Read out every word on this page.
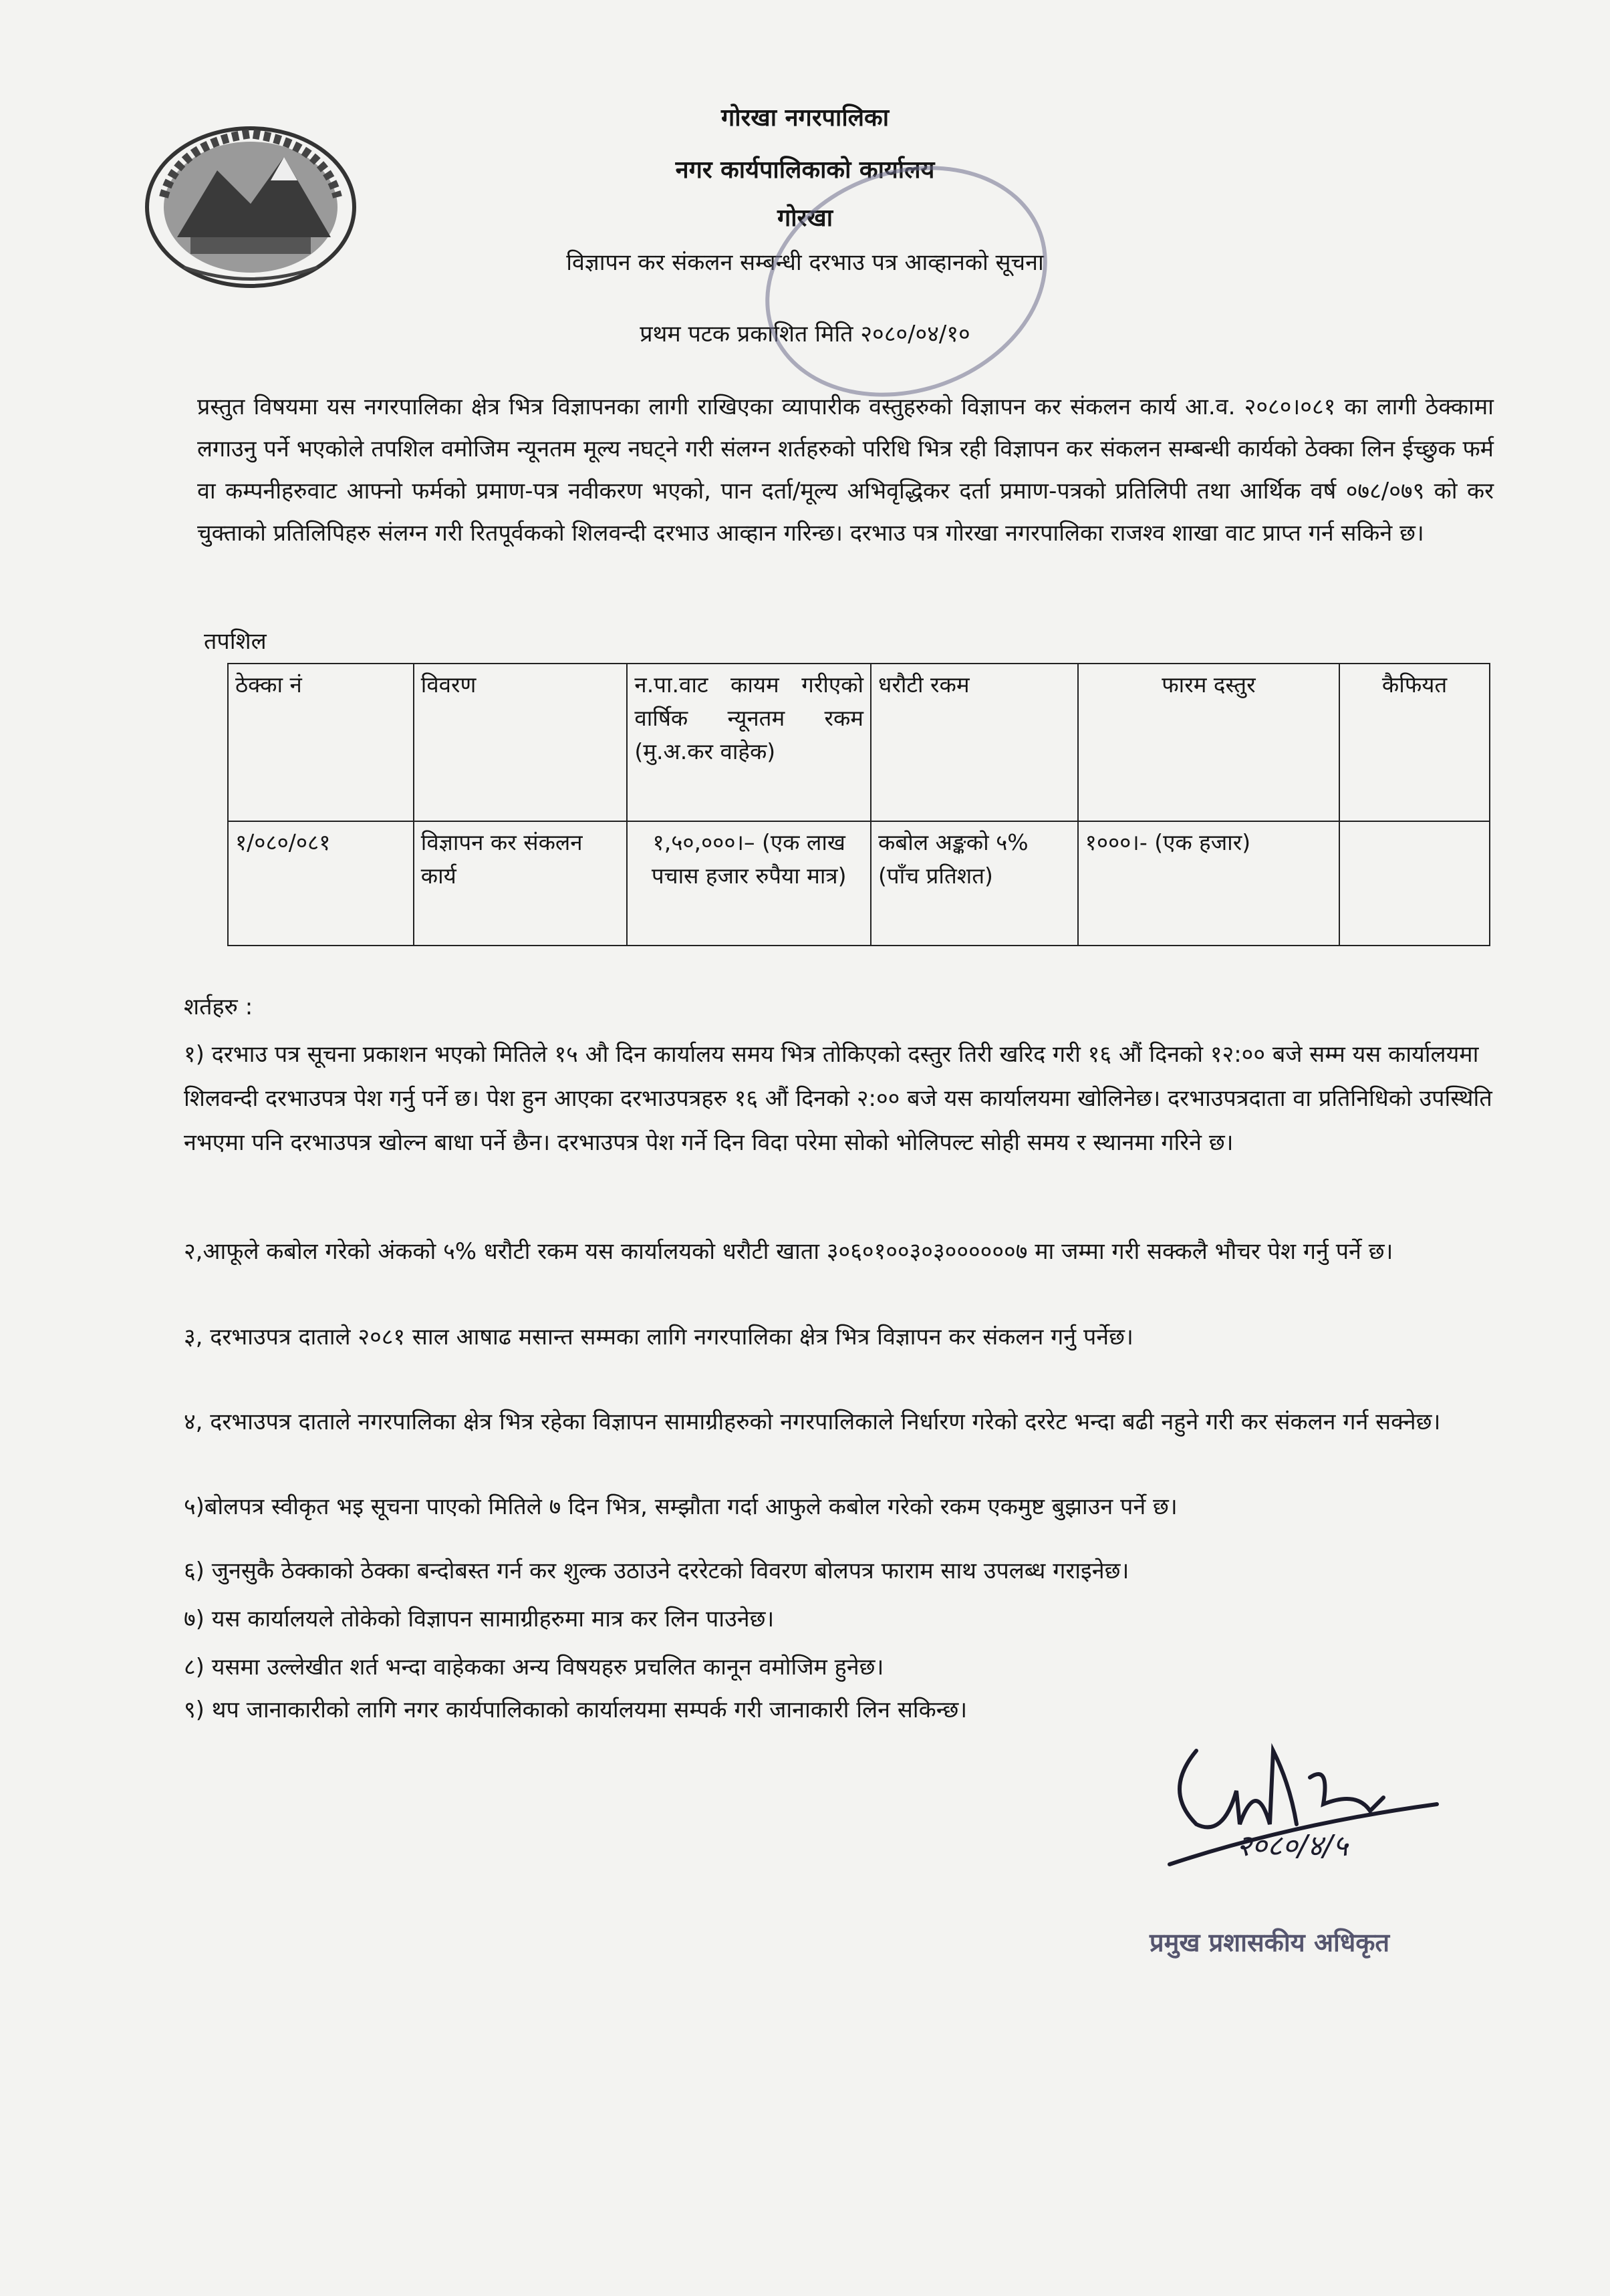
गोरखा नगरपालिका
नगर कार्यपालिकाको कार्यालय
गोरखा
विज्ञापन कर संकलन सम्बन्धी दरभाउ पत्र आव्हानको सूचना
प्रथम पटक प्रकाशित मिति २०८०/०४/१०
प्रस्तुत विषयमा यस नगरपालिका क्षेत्र भित्र विज्ञापनका लागी राखिएका व्यापारीक वस्तुहरुको विज्ञापन कर संकलन कार्य आ.व. २०८०।०८१ का लागी ठेक्कामा लगाउनु पर्ने भएकोले तपशिल वमोजिम न्यूनतम मूल्य नघट्ने गरी संलग्न शर्तहरुको परिधि भित्र रही विज्ञापन कर संकलन सम्बन्धी कार्यको ठेक्का लिन ईच्छुक फर्म वा कम्पनीहरुवाट आफ्नो फर्मको प्रमाण-पत्र नवीकरण भएको, पान दर्ता/मूल्य अभिवृद्धिकर दर्ता प्रमाण-पत्रको प्रतिलिपी तथा आर्थिक वर्ष ०७८/०७९ को कर चुक्ताको प्रतिलिपिहरु संलग्न गरी रितपूर्वकको शिलवन्दी दरभाउ आव्हान गरिन्छ। दरभाउ पत्र गोरखा नगरपालिका राजश्व शाखा वाट प्राप्त गर्न सकिने छ।
तपशिल
ठेक्का नं	विवरण	न.पा.वाट कायम गरीएको वार्षिक न्यूनतम रकम (मु.अ.कर वाहेक)	धरौटी रकम	फारम दस्तुर	कैफियत
१/०८०/०८१	विज्ञापन कर संकलन कार्य	१,५०,०००।– (एक लाख पचास हजार रुपैया मात्र)	कबोल अङ्कको ५% (पाँच प्रतिशत)	१०००।- (एक हजार)	
शर्तहरु :
१) दरभाउ पत्र सूचना प्रकाशन भएको मितिले १५ औ दिन कार्यालय समय भित्र तोकिएको दस्तुर तिरी खरिद गरी १६ औं दिनको १२:०० बजे सम्म यस कार्यालयमा शिलवन्दी दरभाउपत्र पेश गर्नु पर्ने छ। पेश हुन आएका दरभाउपत्रहरु १६ औं दिनको २:०० बजे यस कार्यालयमा खोलिनेछ। दरभाउपत्रदाता वा प्रतिनिधिको उपस्थिति नभएमा पनि दरभाउपत्र खोल्न बाधा पर्ने छैन। दरभाउपत्र पेश गर्ने दिन विदा परेमा सोको भोलिपल्ट सोही समय र स्थानमा गरिने छ।
२,आफूले कबोल गरेको अंकको ५% धरौटी रकम यस कार्यालयको धरौटी खाता ३०६०१००३०३००००००७ मा जम्मा गरी सक्कलै भौचर पेश गर्नु पर्ने छ।
३, दरभाउपत्र दाताले २०८१ साल आषाढ मसान्त सम्मका लागि नगरपालिका क्षेत्र भित्र विज्ञापन कर संकलन गर्नु पर्नेछ।
४, दरभाउपत्र दाताले नगरपालिका क्षेत्र भित्र रहेका विज्ञापन सामाग्रीहरुको नगरपालिकाले निर्धारण गरेको दररेट भन्दा बढी नहुने गरी कर संकलन गर्न सक्नेछ।
५)बोलपत्र स्वीकृत भइ सूचना पाएको मितिले ७ दिन भित्र, सम्झौता गर्दा आफुले कबोल गरेको रकम एकमुष्ट बुझाउन पर्ने छ।
६) जुनसुकै ठेक्काको ठेक्का बन्दोबस्त गर्न कर शुल्क उठाउने दररेटको विवरण बोलपत्र फाराम साथ उपलब्ध गराइनेछ।
७) यस कार्यालयले तोकेको विज्ञापन सामाग्रीहरुमा मात्र कर लिन पाउनेछ।
८) यसमा उल्लेखीत शर्त भन्दा वाहेकका अन्य विषयहरु प्रचलित कानून वमोजिम हुनेछ।
९) थप जानाकारीको लागि नगर कार्यपालिकाको कार्यालयमा सम्पर्क गरी जानाकारी लिन सकिन्छ।
२०८०/४/५
प्रमुख प्रशासकीय अधिकृत
